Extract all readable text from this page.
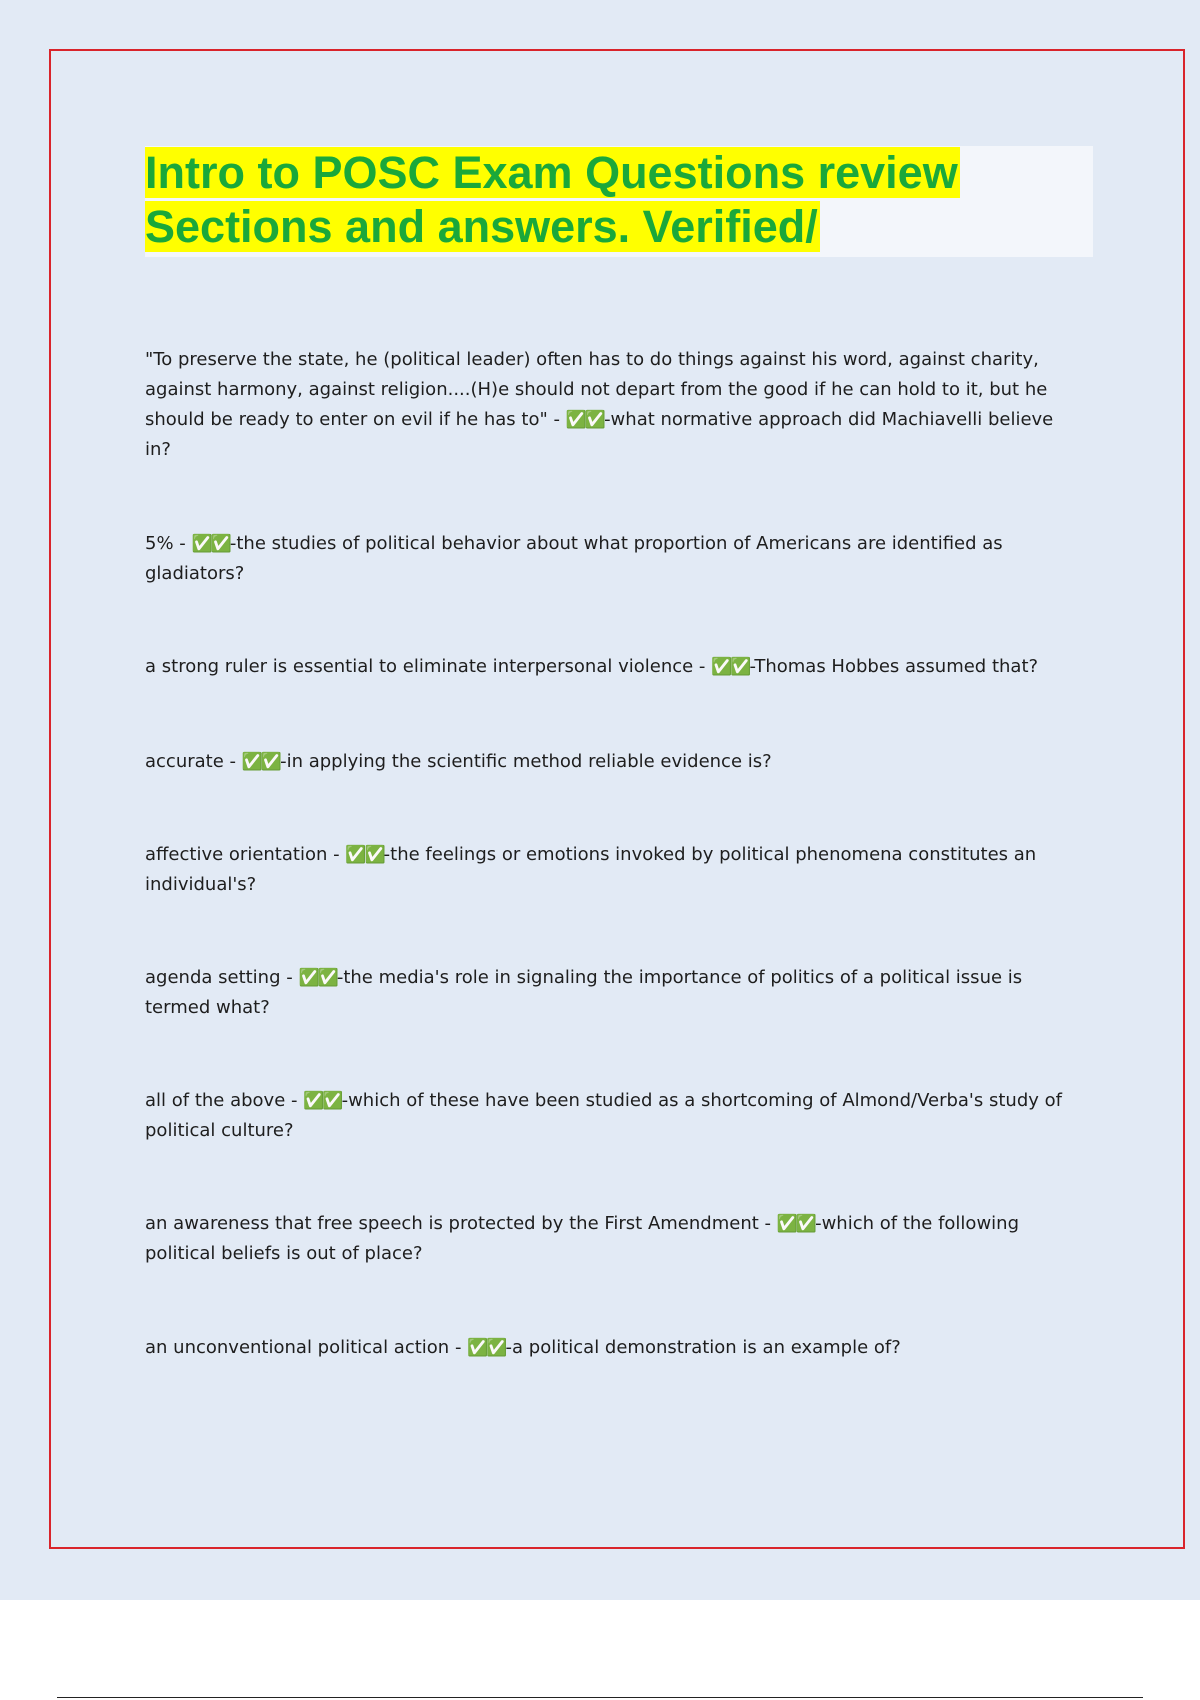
Intro to POSC Exam Questions review
Sections and answers. Verified/

"To preserve the state, he (political leader) often has to do things against his word, against charity, against harmony, against religion....(H)e should not depart from the good if he can hold to it, but he should be ready to enter on evil if he has to" - ✅✅-what normative approach did Machiavelli believe in?

5% - ✅✅-the studies of political behavior about what proportion of Americans are identified as gladiators?

a strong ruler is essential to eliminate interpersonal violence - ✅✅-Thomas Hobbes assumed that?

accurate - ✅✅-in applying the scientific method reliable evidence is?

affective orientation - ✅✅-the feelings or emotions invoked by political phenomena constitutes an individual's?

agenda setting - ✅✅-the media's role in signaling the importance of politics of a political issue is termed what?

all of the above - ✅✅-which of these have been studied as a shortcoming of Almond/Verba's study of political culture?

an awareness that free speech is protected by the First Amendment - ✅✅-which of the following political beliefs is out of place?

an unconventional political action - ✅✅-a political demonstration is an example of?
